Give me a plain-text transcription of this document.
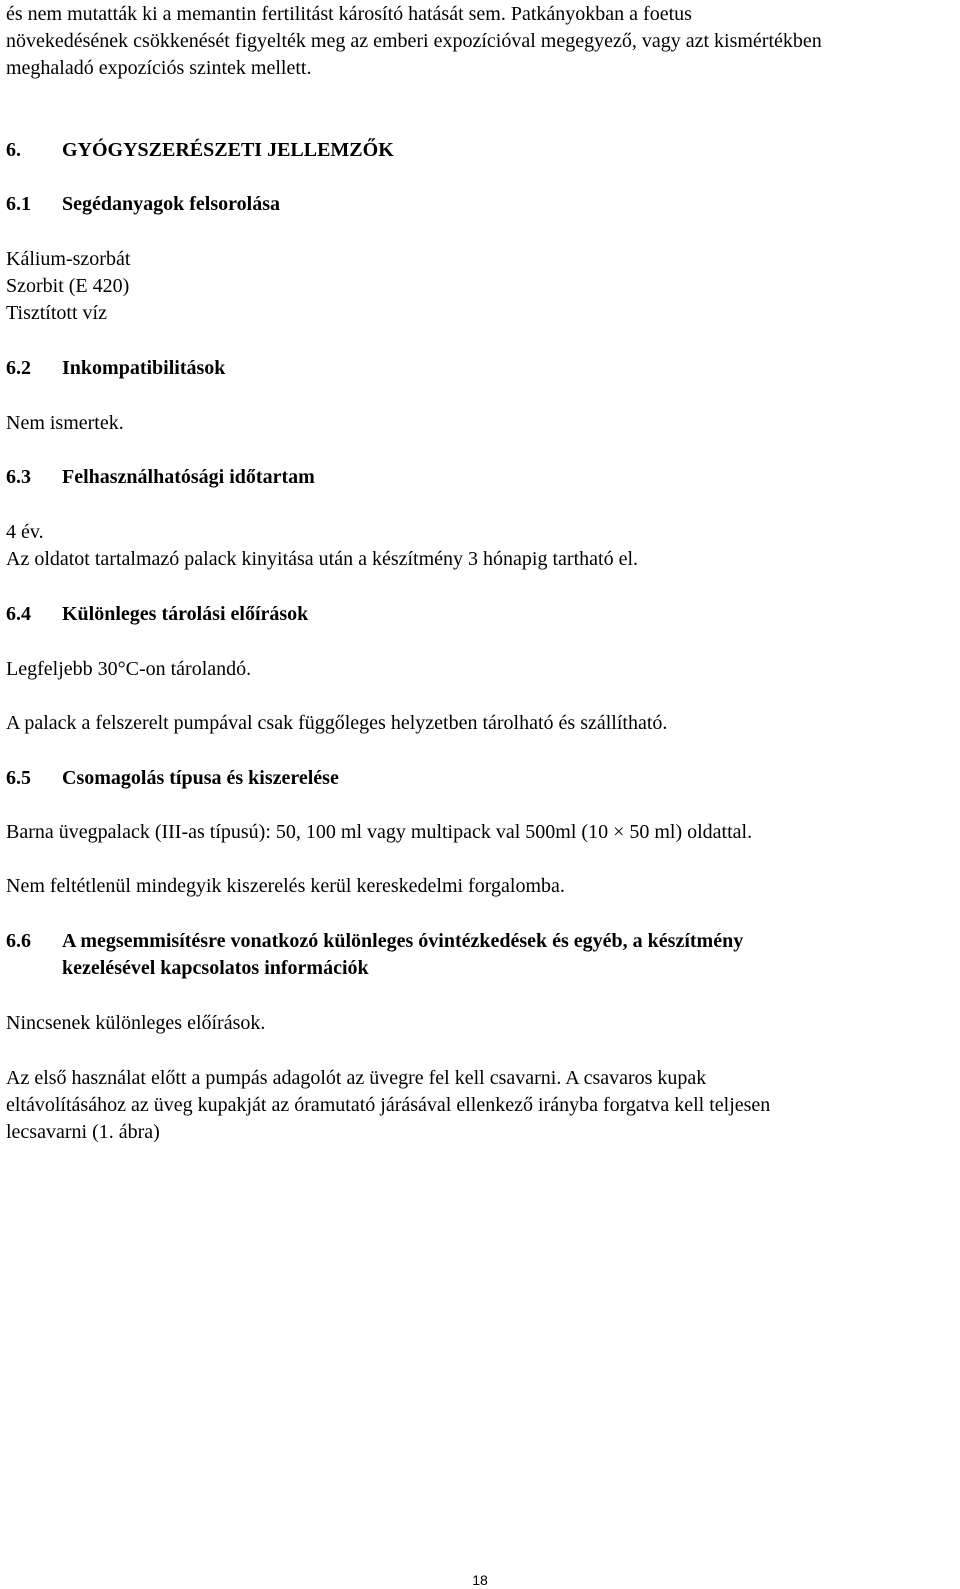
és nem mutatták ki a memantin fertilitást károsító hatását sem. Patkányokban a foetus

növekedésének csökkenését figyelték meg az emberi expozícióval megegyező, vagy azt kismértékben

meghaladó expozíciós szintek mellett.

6. GYÓGYSZERÉSZETI JELLEMZŐK
6.1 Segédanyagok felsorolása

Kálium-szorbát

Szorbit (E 420)

Tisztított víz

6.2 Inkompatibilitások

Nem ismertek.

6.3 Felhasználhatósági időtartam

4 év.

Az oldatot tartalmazó palack kinyitása után a készítmény 3 hónapig tartható el.

6.4 Különleges tárolási előírások

Legfeljebb 30°C-on tárolandó.

A palack a felszerelt pumpával csak függőleges helyzetben tárolható és szállítható.

6.5 Csomagolás típusa és kiszerelése

Barna üvegpalack (III-as típusú): 50, 100 ml vagy multipack val 500ml (10 × 50 ml) oldattal.

Nem feltétlenül mindegyik kiszerelés kerül kereskedelmi forgalomba.

6.6 A megsemmisítésre vonatkozó különleges óvintézkedések és egyéb, a készítmény
kezelésével kapcsolatos információk

Nincsenek különleges előírások.

Az első használat előtt a pumpás adagolót az üvegre fel kell csavarni. A csavaros kupak

eltávolításához az üveg kupakját az óramutató járásával ellenkező irányba forgatva kell teljesen

lecsavarni (1. ábra)

18
